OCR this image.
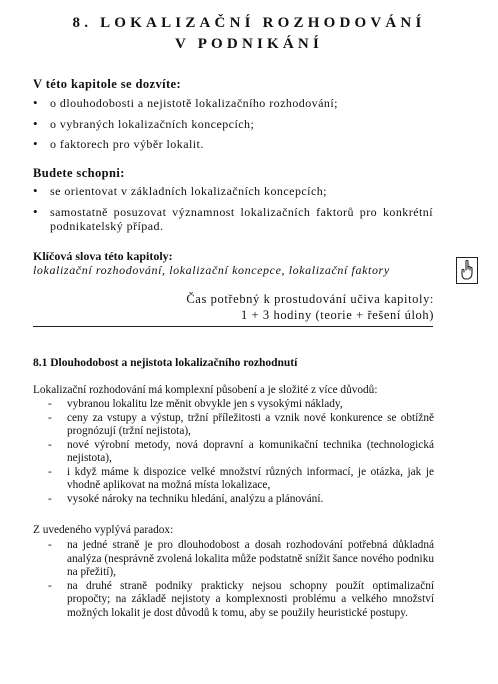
8. LOKALIZAČNÍ ROZHODOVÁNÍ
V PODNIKÁNÍ
V této kapitole se dozvíte:
• o dlouhodobosti a nejistotě lokalizačního rozhodování;
• o vybraných lokalizačních koncepcích;
• o faktorech pro výběr lokalit.
Budete schopni:
• se orientovat v základních lokalizačních koncepcích;
• samostatně posuzovat významnost lokalizačních faktorů pro konkrétní podnikatelský případ.
Klíčová slova této kapitoly:
lokalizační rozhodování, lokalizační koncepce, lokalizační faktory
Čas potřebný k prostudování učiva kapitoly:
1 + 3 hodiny (teorie + řešení úloh)
8.1 Dlouhodobost a nejistota lokalizačního rozhodnutí
Lokalizační rozhodování má komplexní působení a je složité z více důvodů:
- vybranou lokalitu lze měnit obvykle jen s vysokými náklady,
- ceny za vstupy a výstup, tržní příležitosti a vznik nové konkurence se obtížně prognózují (tržní nejistota),
- nové výrobní metody, nová dopravní a komunikační technika (technologická nejistota),
- i když máme k dispozice velké množství různých informací, je otázka, jak je vhodně aplikovat na možná místa lokalizace,
- vysoké nároky na techniku hledání, analýzu a plánování.
Z uvedeného vyplývá paradox:
- na jedné straně je pro dlouhodobost a dosah rozhodování potřebná důkladná analýza (nesprávně zvolená lokalita může podstatně snížit šance nového podniku na přežití),
- na druhé straně podniky prakticky nejsou schopny použít optimalizační propočty; na základě nejistoty a komplexnosti problému a velkého množství možných lokalit je dost důvodů k tomu, aby se použily heuristické postupy.
